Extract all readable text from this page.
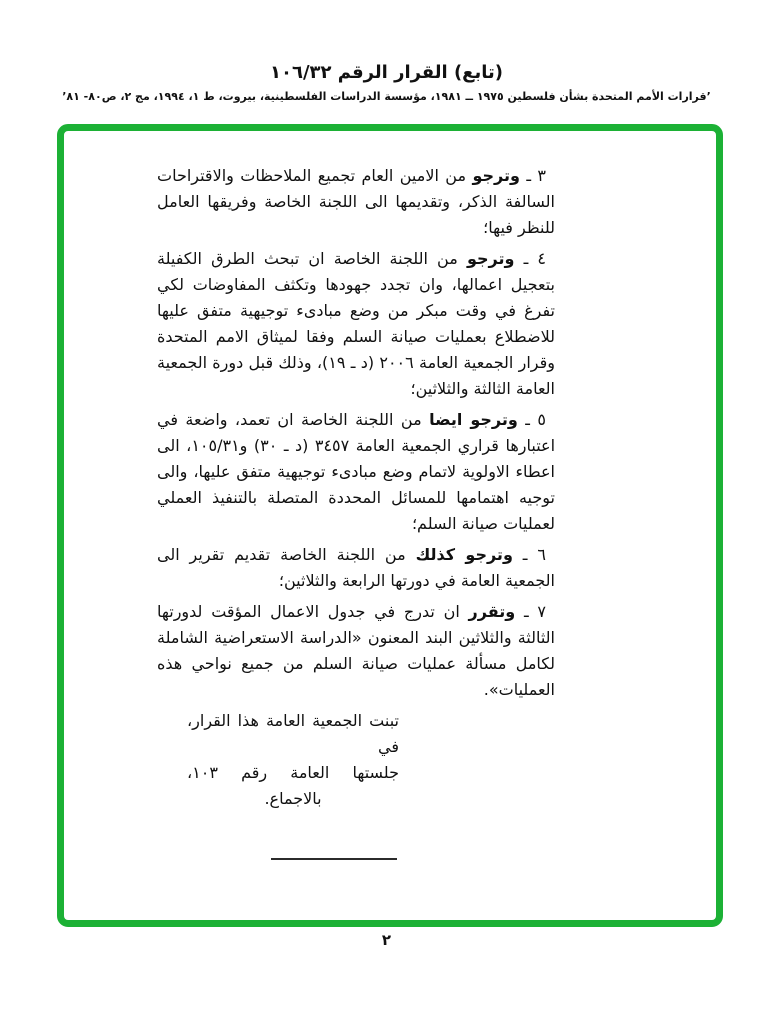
(تابع) القرار الرقم ١٠٦/٣٢
’قرارات الأمم المتحدة بشأن فلسطين ١٩٧٥ ــ ١٩٨١، مؤسسة الدراسات الفلسطينية، بيروت، ط ١، ١٩٩٤، مج ٢، ص٨٠- ٨١’

٣ ـ وترجو من الامين العام تجميع الملاحظات والاقتراحات السالفة الذكر، وتقديمها الى اللجنة الخاصة وفريقها العامل للنظر فيها؛

٤ ـ وترجو من اللجنة الخاصة ان تبحث الطرق الكفيلة بتعجيل اعمالها، وان تجدد جهودها وتكثف المفاوضات لكي تفرغ في وقت مبكر من وضع مبادىء توجيهية متفق عليها للاضطلاع بعمليات صيانة السلم وفقا لميثاق الامم المتحدة وقرار الجمعية العامة ٢٠٠٦ (د ـ ١٩)، وذلك قبل دورة الجمعية العامة الثالثة والثلاثين؛

٥ ـ وترجو ايضا من اللجنة الخاصة ان تعمد، واضعة في اعتبارها قراري الجمعية العامة ٣٤٥٧ (د ـ ٣٠) و١٠٥/٣١، الى اعطاء الاولوية لاتمام وضع مبادىء توجيهية متفق عليها، والى توجيه اهتمامها للمسائل المحددة المتصلة بالتنفيذ العملي لعمليات صيانة السلم؛

٦ ـ وترجو كذلك من اللجنة الخاصة تقديم تقرير الى الجمعية العامة في دورتها الرابعة والثلاثين؛

٧ ـ وتقرر ان تدرج في جدول الاعمال المؤقت لدورتها الثالثة والثلاثين البند المعنون «الدراسة الاستعراضية الشاملة لكامل مسألة عمليات صيانة السلم من جميع نواحي هذه العمليات».

تبنت الجمعية العامة هذا القرار، في
جلستها العامة رقم ١٠٣،
بالاجماع.
٢
